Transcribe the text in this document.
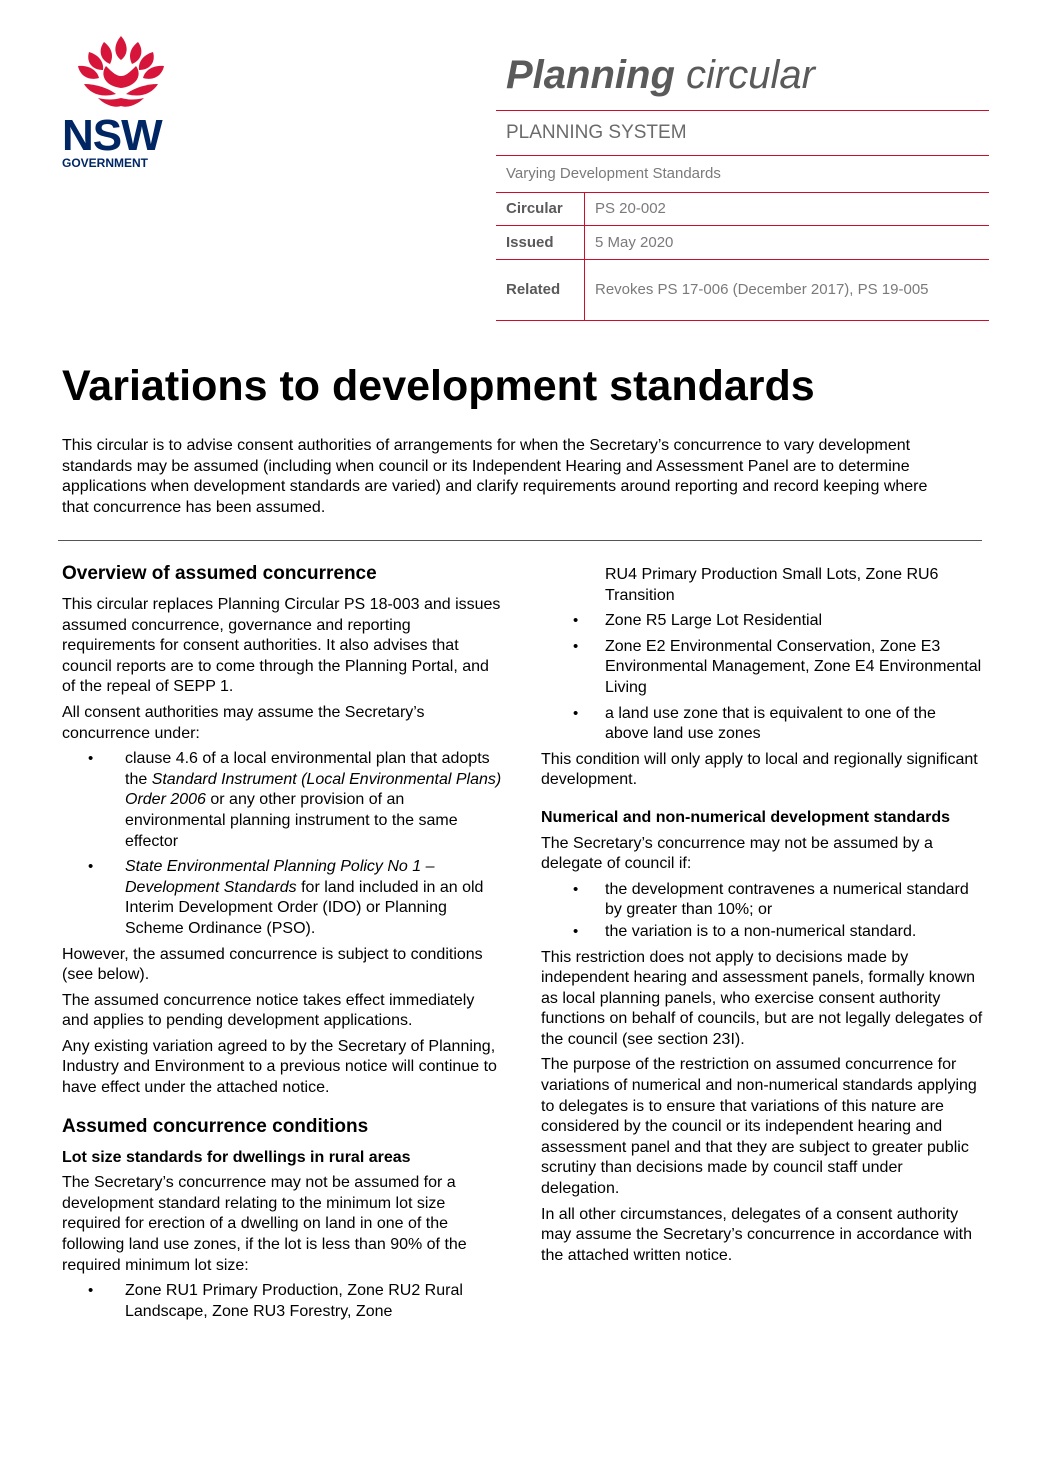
NSW
GOVERNMENT
Planning circular
PLANNING SYSTEM
Varying Development Standards
Circular	PS 20-002
Issued	5 May 2020
Related	Revokes PS 17-006 (December 2017), PS 19-005
Variations to development standards

This circular is to advise consent authorities of arrangements for when the Secretary’s concurrence to vary development standards may be assumed (including when council or its Independent Hearing and Assessment Panel are to determine applications when development standards are varied) and clarify requirements around reporting and record keeping where that concurrence has been assumed.

Overview of assumed concurrence

This circular replaces Planning Circular PS 18-003 and issues assumed concurrence, governance and reporting requirements for consent authorities. It also advises that council reports are to come through the Planning Portal, and of the repeal of SEPP 1.

All consent authorities may assume the Secretary’s concurrence under:

• clause 4.6 of a local environmental plan that adopts the Standard Instrument (Local Environmental Plans) Order 2006 or any other provision of an environmental planning instrument to the same effector
• State Environmental Planning Policy No 1 – Development Standards for land included in an old Interim Development Order (IDO) or Planning Scheme Ordinance (PSO).

However, the assumed concurrence is subject to conditions (see below).

The assumed concurrence notice takes effect immediately and applies to pending development applications.

Any existing variation agreed to by the Secretary of Planning, Industry and Environment to a previous notice will continue to have effect under the attached notice.

Assumed concurrence conditions
Lot size standards for dwellings in rural areas

The Secretary’s concurrence may not be assumed for a development standard relating to the minimum lot size required for erection of a dwelling on land in one of the following land use zones, if the lot is less than 90% of the required minimum lot size:

• Zone RU1 Primary Production, Zone RU2 Rural Landscape, Zone RU3 Forestry, Zone
RU4 Primary Production Small Lots, Zone RU6 Transition
• Zone R5 Large Lot Residential
• Zone E2 Environmental Conservation, Zone E3 Environmental Management, Zone E4 Environmental Living
• a land use zone that is equivalent to one of the above land use zones

This condition will only apply to local and regionally significant development.

Numerical and non-numerical development standards

The Secretary’s concurrence may not be assumed by a delegate of council if:

• the development contravenes a numerical standard by greater than 10%; or
• the variation is to a non-numerical standard.

This restriction does not apply to decisions made by independent hearing and assessment panels, formally known as local planning panels, who exercise consent authority functions on behalf of councils, but are not legally delegates of the council (see section 23I).

The purpose of the restriction on assumed concurrence for variations of numerical and non-numerical standards applying to delegates is to ensure that variations of this nature are considered by the council or its independent hearing and assessment panel and that they are subject to greater public scrutiny than decisions made by council staff under delegation.

In all other circumstances, delegates of a consent authority may assume the Secretary’s concurrence in accordance with the attached written notice.
